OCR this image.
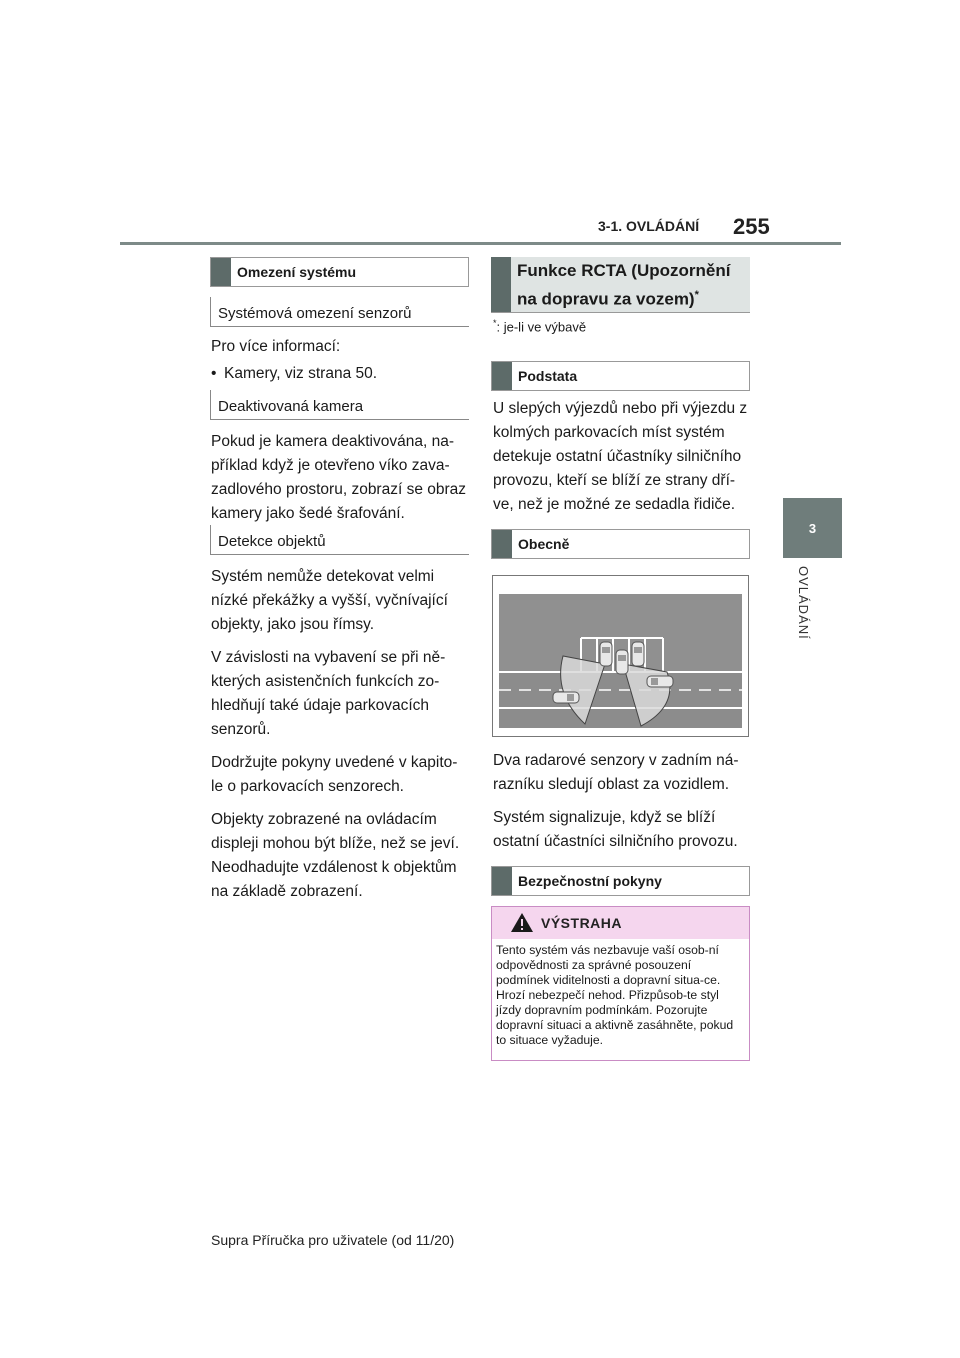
3-1. OVLÁDÁNÍ 255
3
OVLÁDÁNÍ
Omezení systému
Systémová omezení senzorů

Pro více informací:

• Kamery, viz strana 50.
Deaktivovaná kamera

Pokud je kamera deaktivována, na-příklad když je otevřeno víko zava-zadlového prostoru, zobrazí se obraz kamery jako šedé šrafování.

Detekce objektů

Systém nemůže detekovat velmi nízké překážky a vyšší, vyčnívající objekty, jako jsou římsy.

V závislosti na vybavení se při ně-kterých asistenčních funkcích zo-hledňují také údaje parkovacích senzorů.

Dodržujte pokyny uvedené v kapito-le o parkovacích senzorech.

Objekty zobrazené na ovládacím displeji mohou být blíže, než se jeví. Neodhadujte vzdálenost k objektům na základě zobrazení.

Funkce RCTA (Upozornění
na dopravu za vozem)*
*: je-li ve výbavě
Podstata

U slepých výjezdů nebo při výjezdu z kolmých parkovacích míst systém detekuje ostatní účastníky silničního provozu, kteří se blíží ze strany dří-ve, než je možné ze sedadla řidiče.

Obecně

Dva radarové senzory v zadním ná-razníku sledují oblast za vozidlem.

Systém signalizuje, když se blíží ostatní účastníci silničního provozu.

Bezpečnostní pokyny
VÝSTRAHA
Tento systém vás nezbavuje vaší osob-ní odpovědnosti za správné posouzení podmínek viditelnosti a dopravní situa-ce. Hrozí nebezpečí nehod. Přizpůsob-te styl jízdy dopravním podmínkám. Pozorujte dopravní situaci a aktivně zasáhněte, pokud to situace vyžaduje.
Supra Příručka pro uživatele (od 11/20)
